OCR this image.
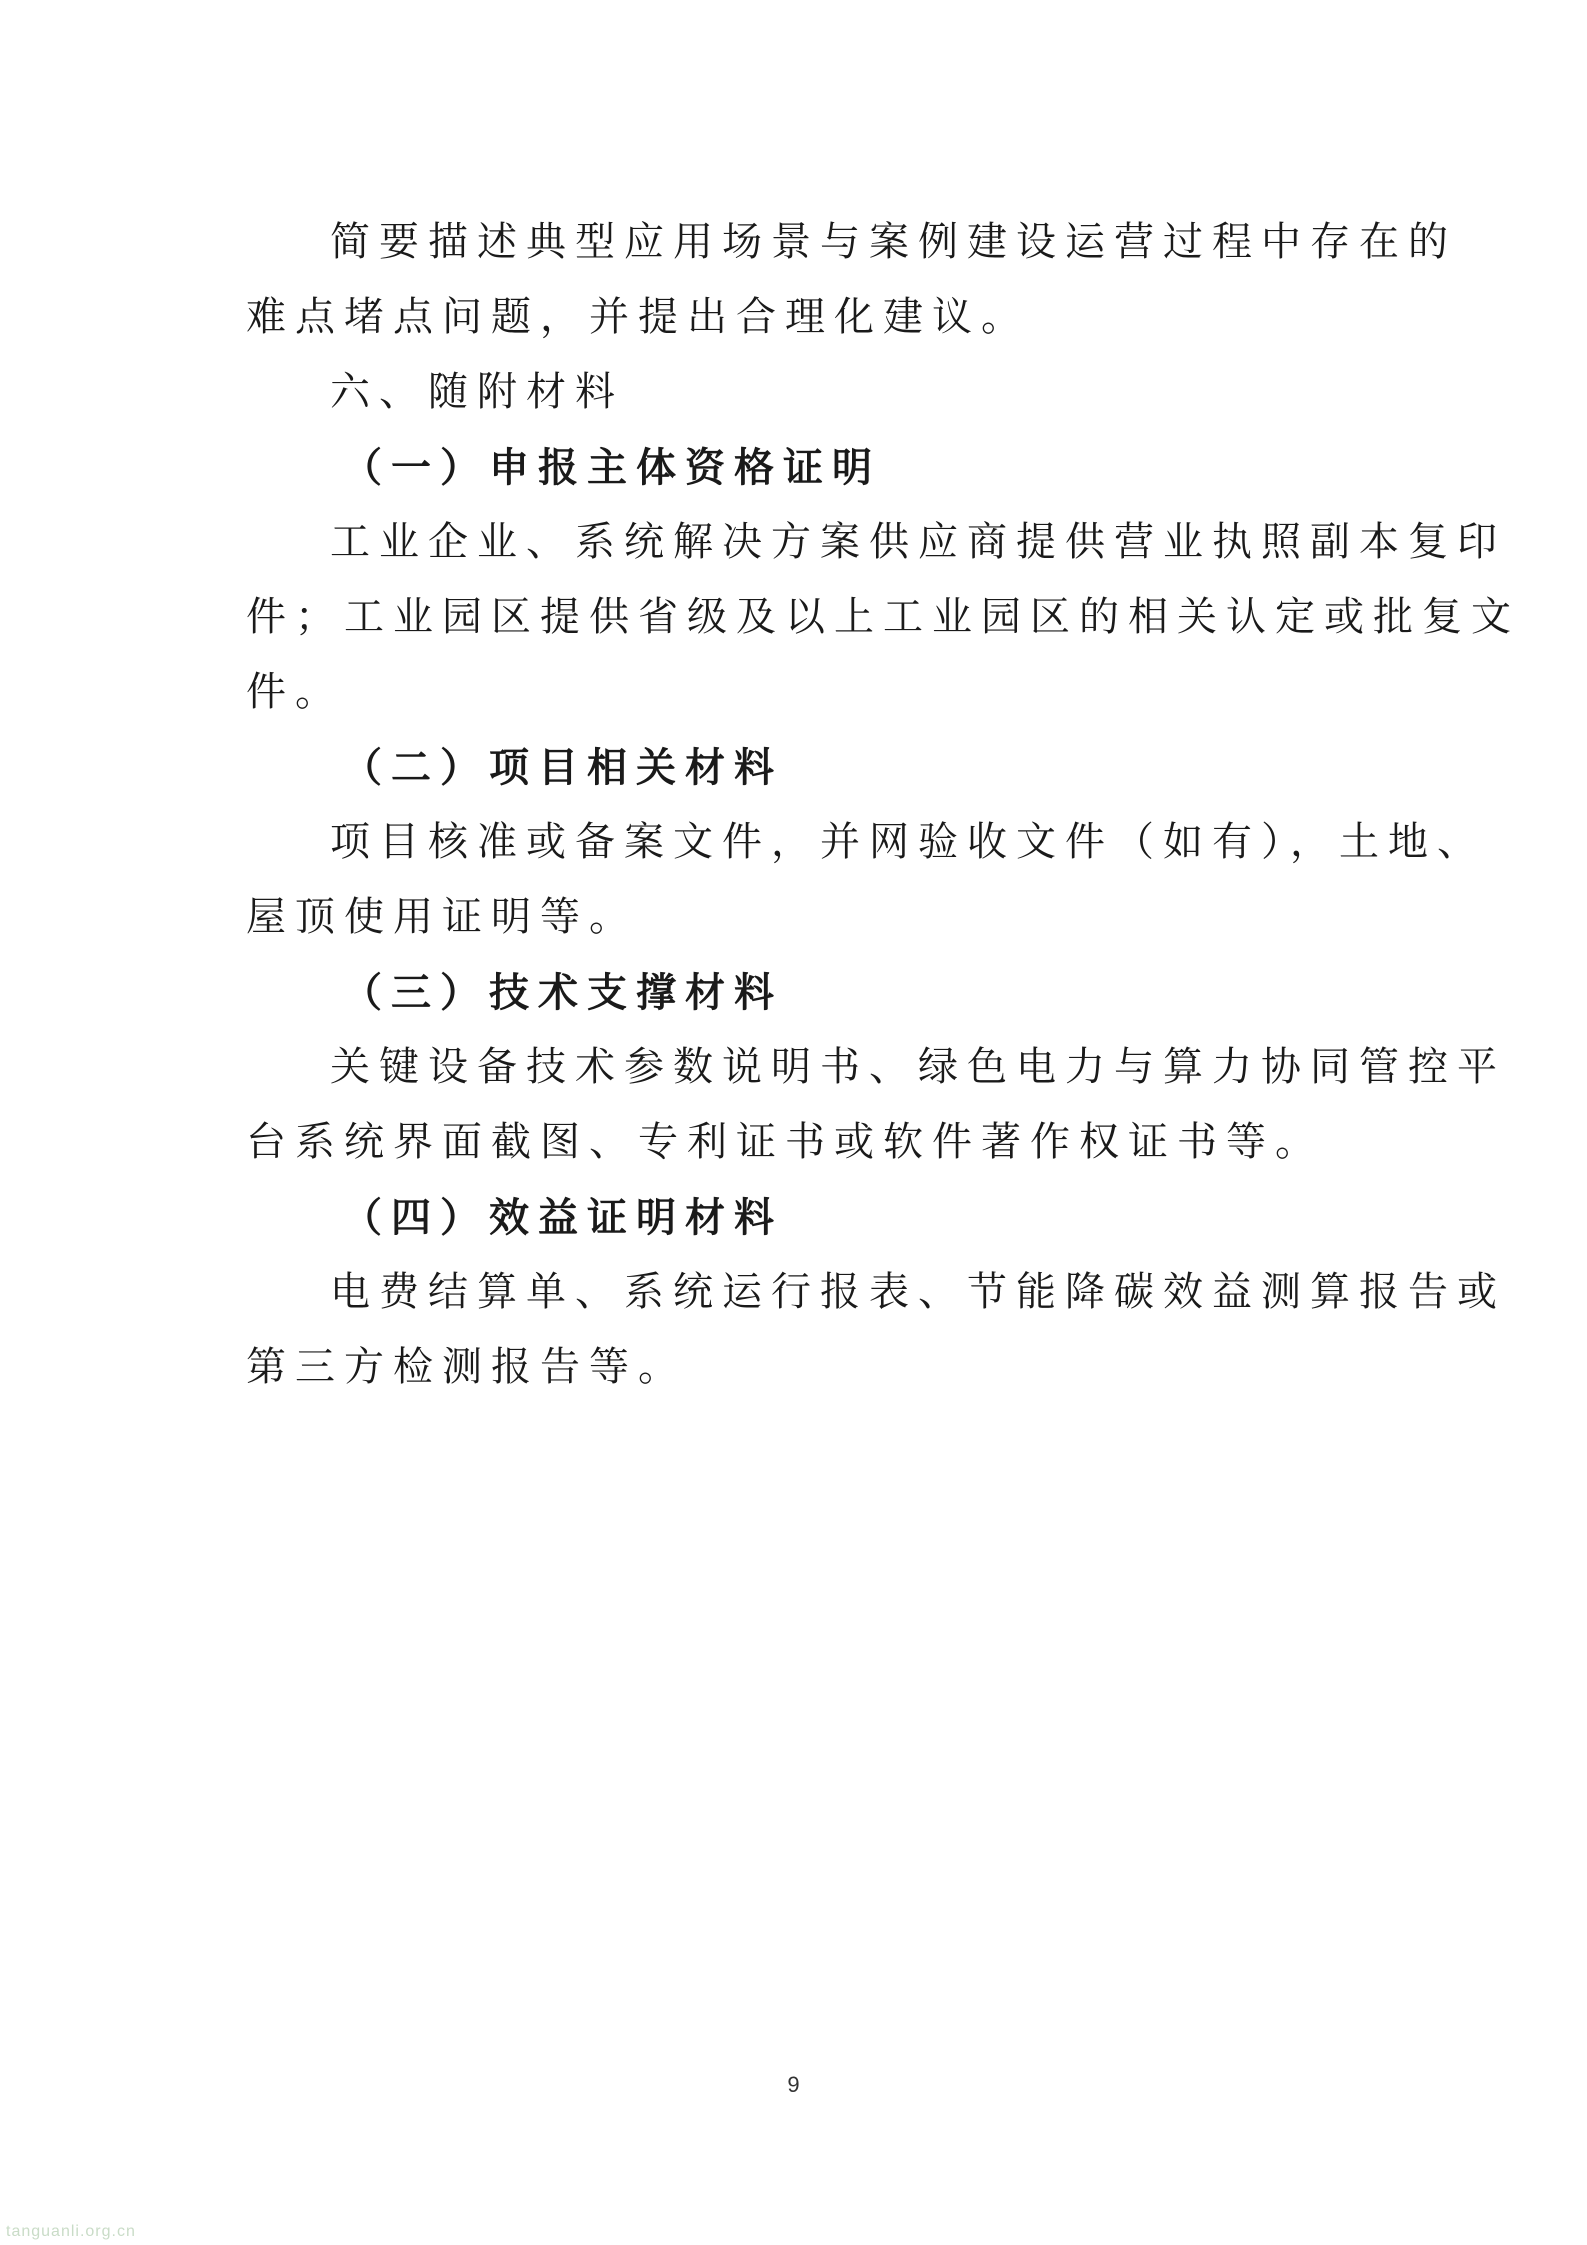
简要描述典型应用场景与案例建设运营过程中存在的
难点堵点问题，并提出合理化建议。
六、随附材料
（一）申报主体资格证明
工业企业、系统解决方案供应商提供营业执照副本复印
件；工业园区提供省级及以上工业园区的相关认定或批复文
件。
（二）项目相关材料
项目核准或备案文件，并网验收文件（如有），土地、
屋顶使用证明等。
（三）技术支撑材料
关键设备技术参数说明书、绿色电力与算力协同管控平
台系统界面截图、专利证书或软件著作权证书等。
（四）效益证明材料
电费结算单、系统运行报表、节能降碳效益测算报告或
第三方检测报告等。
9
tanguanli.org.cn
